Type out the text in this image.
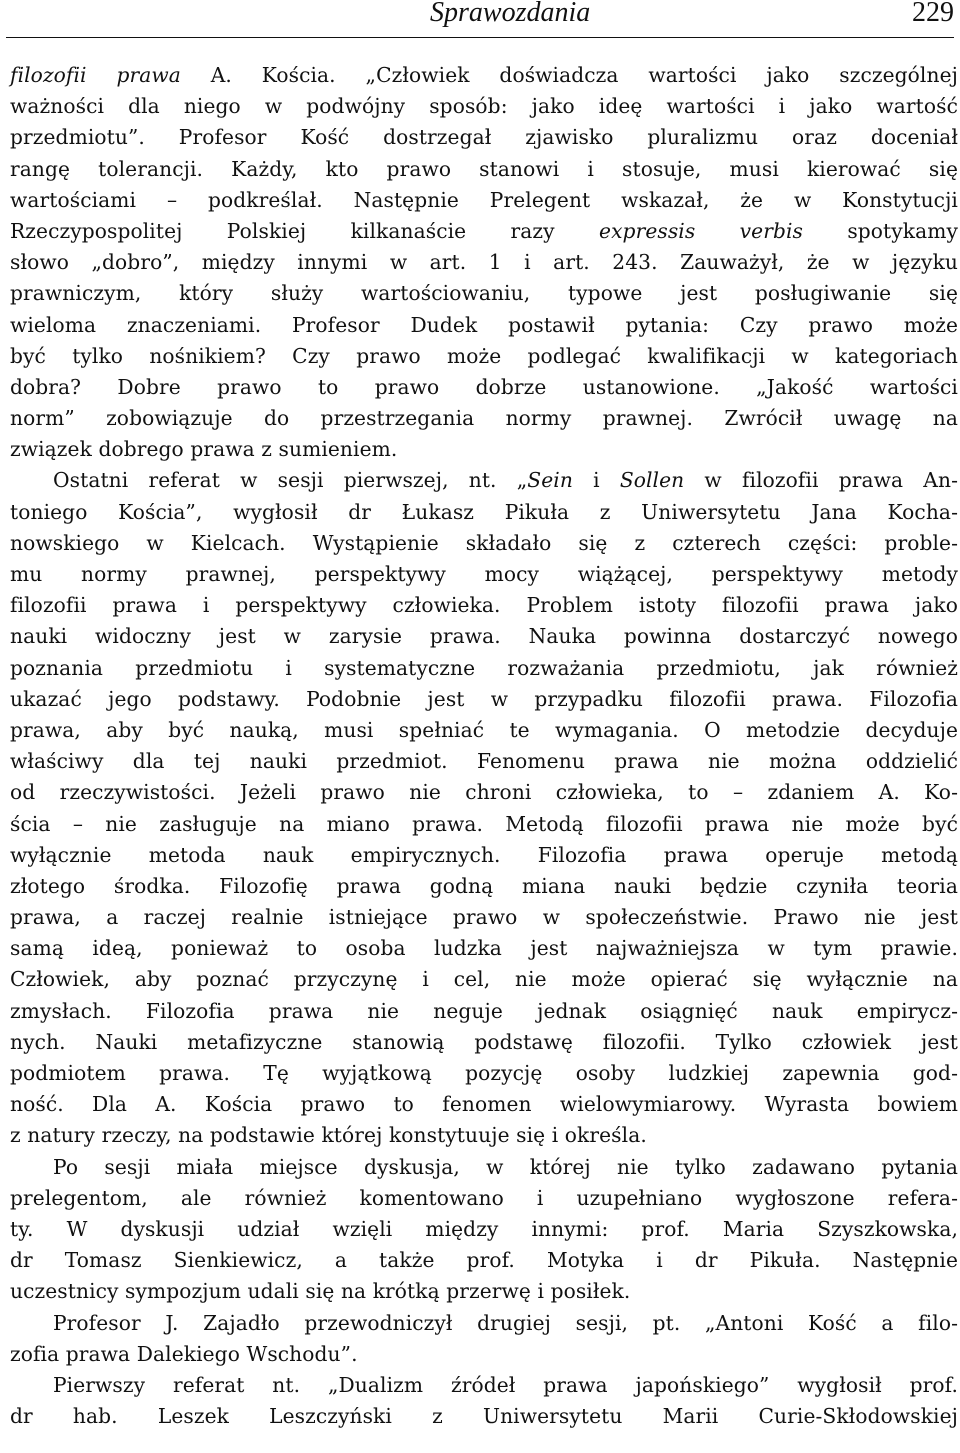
Sprawozdania	229
filozofii prawa A. Kościa. „Człowiek doświadcza wartości jako szczególnej
ważności dla niego w podwójny sposób: jako ideę wartości i jako wartość
przedmiotu”. Profesor Kość dostrzegał zjawisko pluralizmu oraz doceniał
rangę tolerancji. Każdy, kto prawo stanowi i stosuje, musi kierować się
wartościami – podkreślał. Następnie Prelegent wskazał, że w Konstytucji
Rzeczypospolitej Polskiej kilkanaście razy expressis verbis spotykamy
słowo „dobro”, między innymi w art. 1 i art. 243. Zauważył, że w języku
prawniczym, który służy wartościowaniu, typowe jest posługiwanie się
wieloma znaczeniami. Profesor Dudek postawił pytania: Czy prawo może
być tylko nośnikiem? Czy prawo może podlegać kwalifikacji w kategoriach
dobra? Dobre prawo to prawo dobrze ustanowione. „Jakość wartości
norm” zobowiązuje do przestrzegania normy prawnej. Zwrócił uwagę na
związek dobrego prawa z sumieniem.
Ostatni referat w sesji pierwszej, nt. „Sein i Sollen w filozofii prawa An-
toniego Kościa”, wygłosił dr Łukasz Pikuła z Uniwersytetu Jana Kocha-
nowskiego w Kielcach. Wystąpienie składało się z czterech części: proble-
mu normy prawnej, perspektywy mocy wiążącej, perspektywy metody
filozofii prawa i perspektywy człowieka. Problem istoty filozofii prawa jako
nauki widoczny jest w zarysie prawa. Nauka powinna dostarczyć nowego
poznania przedmiotu i systematyczne rozważania przedmiotu, jak również
ukazać jego podstawy. Podobnie jest w przypadku filozofii prawa. Filozofia
prawa, aby być nauką, musi spełniać te wymagania. O metodzie decyduje
właściwy dla tej nauki przedmiot. Fenomenu prawa nie można oddzielić
od rzeczywistości. Jeżeli prawo nie chroni człowieka, to – zdaniem A. Ko-
ścia – nie zasługuje na miano prawa. Metodą filozofii prawa nie może być
wyłącznie metoda nauk empirycznych. Filozofia prawa operuje metodą
złotego środka. Filozofię prawa godną miana nauki będzie czyniła teoria
prawa, a raczej realnie istniejące prawo w społeczeństwie. Prawo nie jest
samą ideą, ponieważ to osoba ludzka jest najważniejsza w tym prawie.
Człowiek, aby poznać przyczynę i cel, nie może opierać się wyłącznie na
zmysłach. Filozofia prawa nie neguje jednak osiągnięć nauk empirycz-
nych. Nauki metafizyczne stanowią podstawę filozofii. Tylko człowiek jest
podmiotem prawa. Tę wyjątkową pozycję osoby ludzkiej zapewnia god-
ność. Dla A. Kościa prawo to fenomen wielowymiarowy. Wyrasta bowiem
z natury rzeczy, na podstawie której konstytuuje się i określa.
Po sesji miała miejsce dyskusja, w której nie tylko zadawano pytania
prelegentom, ale również komentowano i uzupełniano wygłoszone refera-
ty. W dyskusji udział wzięli między innymi: prof. Maria Szyszkowska,
dr Tomasz Sienkiewicz, a także prof. Motyka i dr Pikuła. Następnie
uczestnicy sympozjum udali się na krótką przerwę i posiłek.
Profesor J. Zajadło przewodniczył drugiej sesji, pt. „Antoni Kość a filo-
zofia prawa Dalekiego Wschodu”.
Pierwszy referat nt. „Dualizm źródeł prawa japońskiego” wygłosił prof.
dr hab. Leszek Leszczyński z Uniwersytetu Marii Curie-Skłodowskiej
